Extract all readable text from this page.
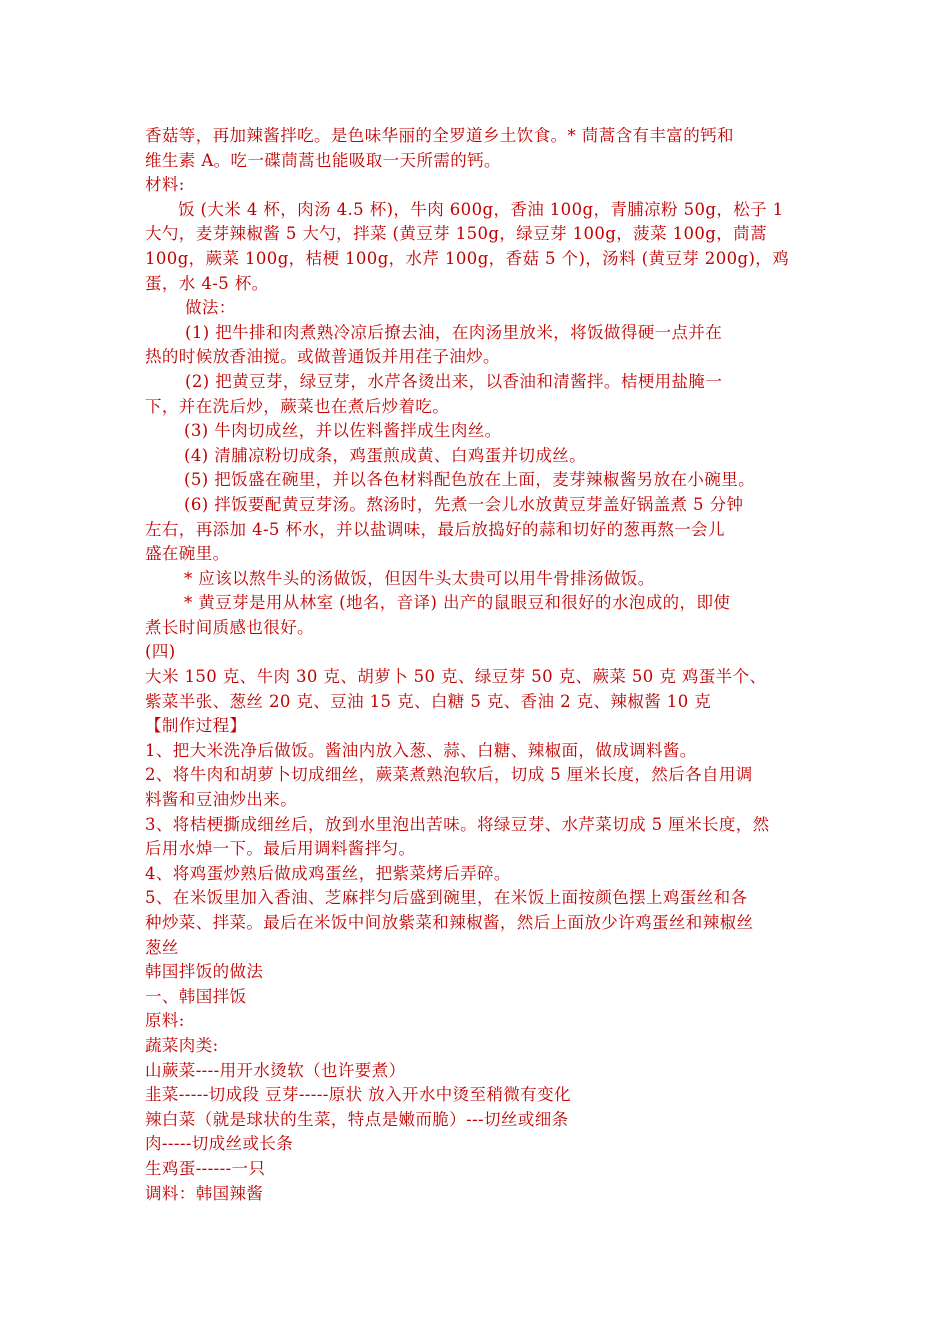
香菇等，再加辣酱拌吃。是色味华丽的全罗道乡土饮食。* 茼蒿含有丰富的钙和
维生素 A。吃一碟茼蒿也能吸取一天所需的钙。
材料:
饭 (大米 4 杯，肉汤 4.5 杯)，牛肉 600g，香油 100g，青脯凉粉 50g，松子 1
大勺，麦芽辣椒酱 5 大勺，拌菜 (黄豆芽 150g，绿豆芽 100g，菠菜 100g，茼蒿
100g，蕨菜 100g，桔梗 100g，水芹 100g，香菇 5 个)，汤料 (黄豆芽 200g)，鸡
蛋，水 4-5 杯。
做法：
(1) 把牛排和肉煮熟冷凉后撩去油，在肉汤里放米，将饭做得硬一点并在
热的时候放香油搅。或做普通饭并用荏子油炒。
(2) 把黄豆芽，绿豆芽，水芹各烫出来，以香油和清酱拌。桔梗用盐腌一
下，并在洗后炒，蕨菜也在煮后炒着吃。
(3) 牛肉切成丝，并以佐料酱拌成生肉丝。
(4) 清脯凉粉切成条，鸡蛋煎成黄、白鸡蛋并切成丝。
(5) 把饭盛在碗里，并以各色材料配色放在上面，麦芽辣椒酱另放在小碗里。
(6) 拌饭要配黄豆芽汤。熬汤时，先煮一会儿水放黄豆芽盖好锅盖煮 5 分钟
左右，再添加 4-5 杯水，并以盐调味，最后放捣好的蒜和切好的葱再熬一会儿
盛在碗里。
* 应该以熬牛头的汤做饭，但因牛头太贵可以用牛骨排汤做饭。
* 黄豆芽是用从林室 (地名，音译) 出产的鼠眼豆和很好的水泡成的，即使
煮长时间质感也很好。
(四)
大米 150 克、牛肉 30 克、胡萝卜 50 克、绿豆芽 50 克、蕨菜 50 克 鸡蛋半个、
紫菜半张、葱丝 20 克、豆油 15 克、白糖 5 克、香油 2 克、辣椒酱 10 克
【制作过程】
1、把大米洗净后做饭。酱油内放入葱、蒜、白糖、辣椒面，做成调料酱。
2、将牛肉和胡萝卜切成细丝，蕨菜煮熟泡软后，切成 5 厘米长度，然后各自用调
料酱和豆油炒出来。
3、将桔梗撕成细丝后，放到水里泡出苦味。将绿豆芽、水芹菜切成 5 厘米长度，然
后用水焯一下。最后用调料酱拌匀。
4、将鸡蛋炒熟后做成鸡蛋丝，把紫菜烤后弄碎。
5、在米饭里加入香油、芝麻拌匀后盛到碗里，在米饭上面按颜色摆上鸡蛋丝和各
种炒菜、拌菜。最后在米饭中间放紫菜和辣椒酱，然后上面放少许鸡蛋丝和辣椒丝
葱丝
韩国拌饭的做法
一、韩国拌饭
原料:
蔬菜肉类:
山蕨菜----用开水烫软（也许要煮）
韭菜-----切成段 豆芽-----原状 放入开水中烫至稍微有变化
辣白菜（就是球状的生菜，特点是嫩而脆）---切丝或细条
肉-----切成丝或长条
生鸡蛋------一只
调料：韩国辣酱
